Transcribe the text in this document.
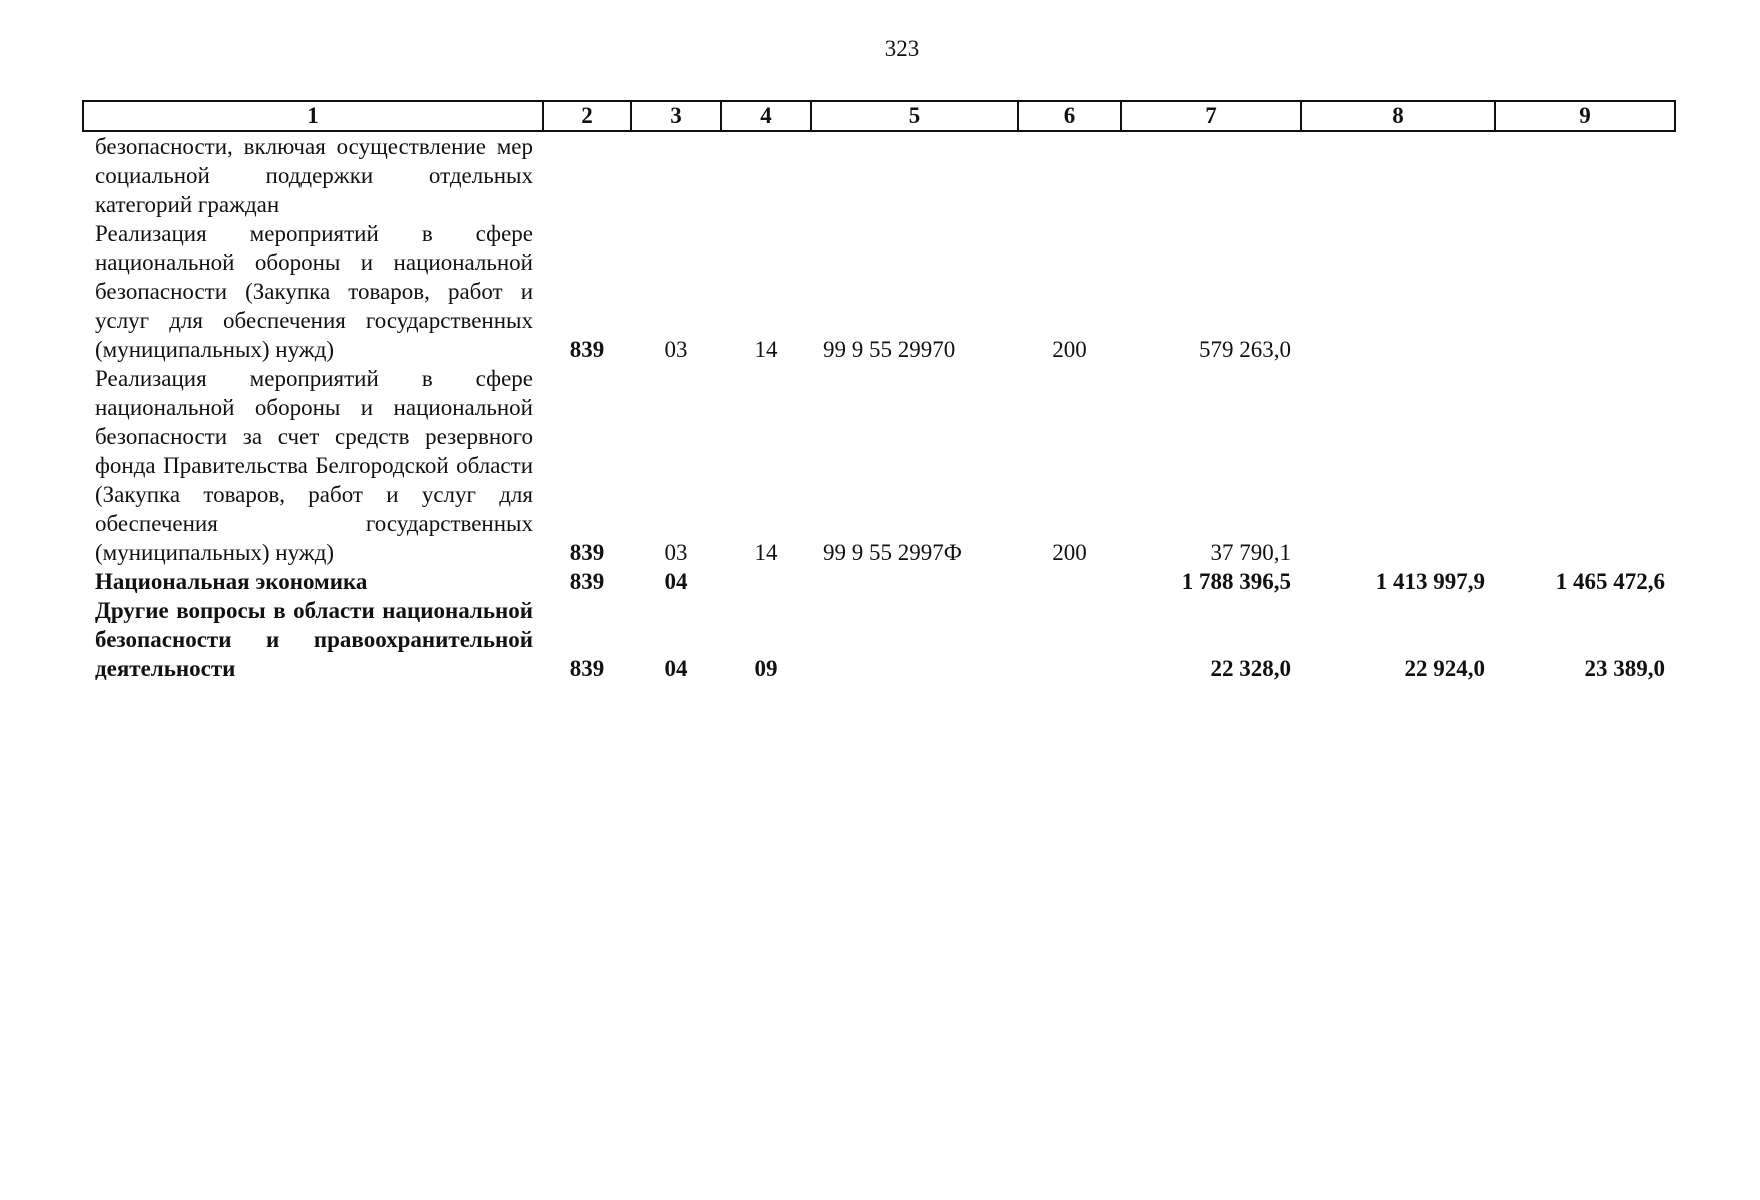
323
1	2	3	4	5	6	7	8	9
безопасности, включая осуществление мер социальной поддержки отдельных категорий граждан								
Реализация мероприятий в сфере национальной обороны и национальной безопасности (Закупка товаров, работ и услуг для обеспечения государственных (муниципальных) нужд)	839	03	14	99 9 55 29970	200	579 263,0		
Реализация мероприятий в сфере национальной обороны и национальной безопасности за счет средств резервного фонда Правительства Белгородской области (Закупка товаров, работ и услуг для обеспечения государственных (муниципальных) нужд)	839	03	14	99 9 55 2997Ф	200	37 790,1		
Национальная экономика	839	04				1 788 396,5	1 413 997,9	1 465 472,6
Другие вопросы в области национальной безопасности и правоохранительной деятельности	839	04	09			22 328,0	22 924,0	23 389,0
